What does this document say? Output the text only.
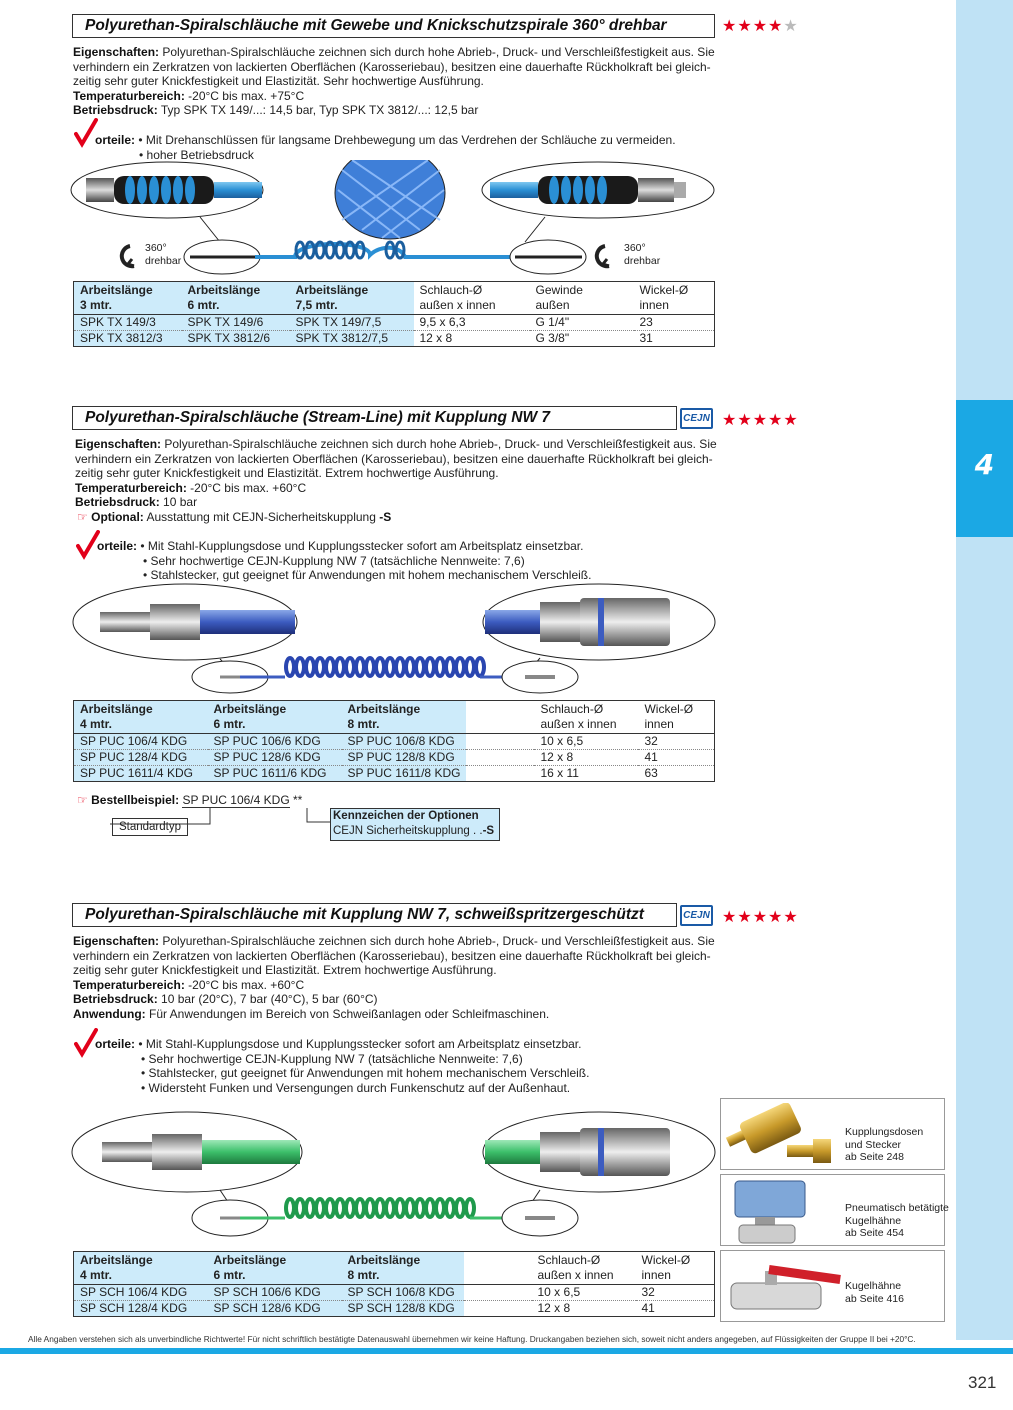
4
Polyurethan-Spiralschläuche mit Gewebe und Knickschutzspirale 360° drehbar	★★★★★
Eigenschaften: Polyurethan-Spiralschläuche zeichnen sich durch hohe Abrieb-, Druck- und Verschleißfestigkeit aus. Sie
verhindern ein Zerkratzen von lackierten Oberflächen (Karosseriebau), besitzen eine dauerhafte Rückholkraft bei gleich-
zeitig sehr guter Knickfestigkeit und Elastizität. Sehr hochwertige Ausführung.
Temperaturbereich: -20°C bis max. +75°C
Betriebsdruck: Typ SPK TX 149/...: 14,5 bar, Typ SPK TX 3812/...: 12,5 bar
orteile: • Mit Drehanschlüssen für langsame Drehbewegung um das Verdrehen der Schläuche zu vermeiden.
• hoher Betriebsdruck
360°
drehbar
360°
drehbar
Arbeitslänge	Arbeitslänge	Arbeitslänge	Schlauch-Ø	Gewinde	Wickel-Ø
3 mtr.	6 mtr.	7,5 mtr.	außen x innen	außen	innen
SPK TX 149/3	SPK TX 149/6	SPK TX 149/7,5	9,5 x 6,3	G 1/4"	23
SPK TX 3812/3	SPK TX 3812/6	SPK TX 3812/7,5	12 x 8	G 3/8"	31
Polyurethan-Spiralschläuche (Stream-Line) mit Kupplung NW 7	CEJN ★★★★★
Eigenschaften: Polyurethan-Spiralschläuche zeichnen sich durch hohe Abrieb-, Druck- und Verschleißfestigkeit aus. Sie
verhindern ein Zerkratzen von lackierten Oberflächen (Karosseriebau), besitzen eine dauerhafte Rückholkraft bei gleich-
zeitig sehr guter Knickfestigkeit und Elastizität. Extrem hochwertige Ausführung.
Temperaturbereich: -20°C bis max. +60°C
Betriebsdruck: 10 bar
☞ Optional: Ausstattung mit CEJN-Sicherheitskupplung -S
orteile: • Mit Stahl-Kupplungsdose und Kupplungsstecker sofort am Arbeitsplatz einsetzbar.
• Sehr hochwertige CEJN-Kupplung NW 7 (tatsächliche Nennweite: 7,6)
• Stahlstecker, gut geeignet für Anwendungen mit hohem mechanischem Verschleiß.
Arbeitslänge	Arbeitslänge	Arbeitslänge		Schlauch-Ø	Wickel-Ø
4 mtr.	6 mtr.	8 mtr.		außen x innen	innen
SP PUC 106/4 KDG	SP PUC 106/6 KDG	SP PUC 106/8 KDG		10 x 6,5	32
SP PUC 128/4 KDG	SP PUC 128/6 KDG	SP PUC 128/8 KDG		12 x 8	41
SP PUC 1611/4 KDG	SP PUC 1611/6 KDG	SP PUC 1611/8 KDG		16 x 11	63
☞ Bestellbeispiel: SP PUC 106/4 KDG **
Standardtyp
Kennzeichen der Optionen
CEJN Sicherheitskupplung . .-S
Polyurethan-Spiralschläuche mit Kupplung NW 7, schweißspritzergeschützt	CEJN ★★★★★
Eigenschaften: Polyurethan-Spiralschläuche zeichnen sich durch hohe Abrieb-, Druck- und Verschleißfestigkeit aus. Sie
verhindern ein Zerkratzen von lackierten Oberflächen (Karosseriebau), besitzen eine dauerhafte Rückholkraft bei gleich-
zeitig sehr guter Knickfestigkeit und Elastizität. Extrem hochwertige Ausführung.
Temperaturbereich: -20°C bis max. +60°C
Betriebsdruck: 10 bar (20°C), 7 bar (40°C), 5 bar (60°C)
Anwendung: Für Anwendungen im Bereich von Schweißanlagen oder Schleifmaschinen.
orteile: • Mit Stahl-Kupplungsdose und Kupplungsstecker sofort am Arbeitsplatz einsetzbar.
• Sehr hochwertige CEJN-Kupplung NW 7 (tatsächliche Nennweite: 7,6)
• Stahlstecker, gut geeignet für Anwendungen mit hohem mechanischem Verschleiß.
• Widersteht Funken und Versengungen durch Funkenschutz auf der Außenhaut.
Arbeitslänge	Arbeitslänge	Arbeitslänge		Schlauch-Ø	Wickel-Ø
4 mtr.	6 mtr.	8 mtr.		außen x innen	innen
SP SCH 106/4 KDG	SP SCH 106/6 KDG	SP SCH 106/8 KDG		10 x 6,5	32
SP SCH 128/4 KDG	SP SCH 128/6 KDG	SP SCH 128/8 KDG		12 x 8	41
Kupplungsdosen
und Stecker
ab Seite 248
Pneumatisch betätigte
Kugelhähne
ab Seite 454
Kugelhähne
ab Seite 416
Alle Angaben verstehen sich als unverbindliche Richtwerte! Für nicht schriftlich bestätigte Datenauswahl übernehmen wir keine Haftung. Druckangaben beziehen sich, soweit nicht anders angegeben, auf Flüssigkeiten der Gruppe II bei +20°C.
321
